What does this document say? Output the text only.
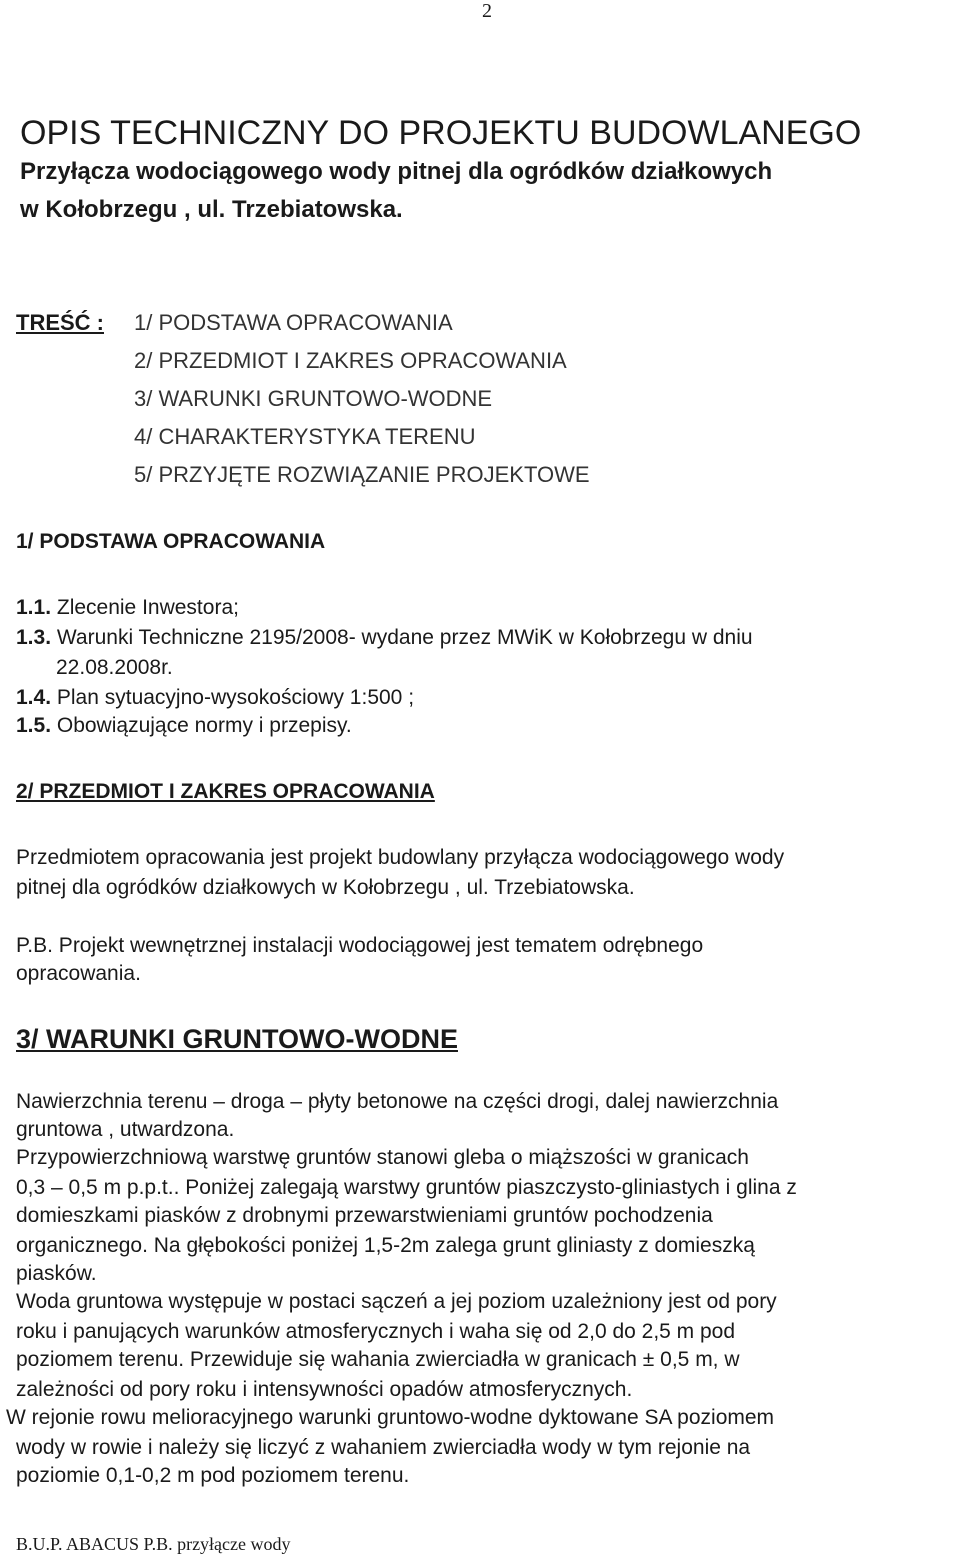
2
OPIS TECHNICZNY DO PROJEKTU BUDOWLANEGO
Przyłącza wodociągowego wody pitnej dla ogródków działkowych
w Kołobrzegu , ul. Trzebiatowska.
TREŚĆ : 1/ PODSTAWA OPRACOWANIA
2/ PRZEDMIOT I ZAKRES OPRACOWANIA
3/ WARUNKI GRUNTOWO-WODNE
4/ CHARAKTERYSTYKA TERENU
5/ PRZYJĘTE ROZWIĄZANIE PROJEKTOWE
1/ PODSTAWA OPRACOWANIA
1.1. Zlecenie Inwestora;
1.3. Warunki Techniczne 2195/2008- wydane przez MWiK w Kołobrzegu w dniu
22.08.2008r.
1.4. Plan sytuacyjno-wysokościowy 1:500 ;
1.5. Obowiązujące normy i przepisy.
2/ PRZEDMIOT I ZAKRES OPRACOWANIA
Przedmiotem opracowania jest projekt budowlany przyłącza wodociągowego wody
pitnej dla ogródków działkowych w Kołobrzegu , ul. Trzebiatowska.
P.B. Projekt wewnętrznej instalacji wodociągowej jest tematem odrębnego
opracowania.
3/ WARUNKI GRUNTOWO-WODNE
Nawierzchnia terenu – droga – płyty betonowe na części drogi, dalej nawierzchnia
gruntowa , utwardzona.
Przypowierzchniową warstwę gruntów stanowi gleba o miąższości w granicach
0,3 – 0,5 m p.p.t.. Poniżej zalegają warstwy gruntów piaszczysto-gliniastych i glina z
domieszkami piasków z drobnymi przewarstwieniami gruntów pochodzenia
organicznego. Na głębokości poniżej 1,5-2m zalega grunt gliniasty z domieszką
piasków.
Woda gruntowa występuje w postaci sączeń a jej poziom uzależniony jest od pory
roku i panujących warunków atmosferycznych i waha się od 2,0 do 2,5 m pod
poziomem terenu. Przewiduje się wahania zwierciadła w granicach ± 0,5 m, w
zależności od pory roku i intensywności opadów atmosferycznych.
W rejonie rowu melioracyjnego warunki gruntowo-wodne dyktowane SA poziomem
wody w rowie i należy się liczyć z wahaniem zwierciadła wody w tym rejonie na
poziomie 0,1-0,2 m pod poziomem terenu.
B.U.P. ABACUS P.B. przyłącze wody
